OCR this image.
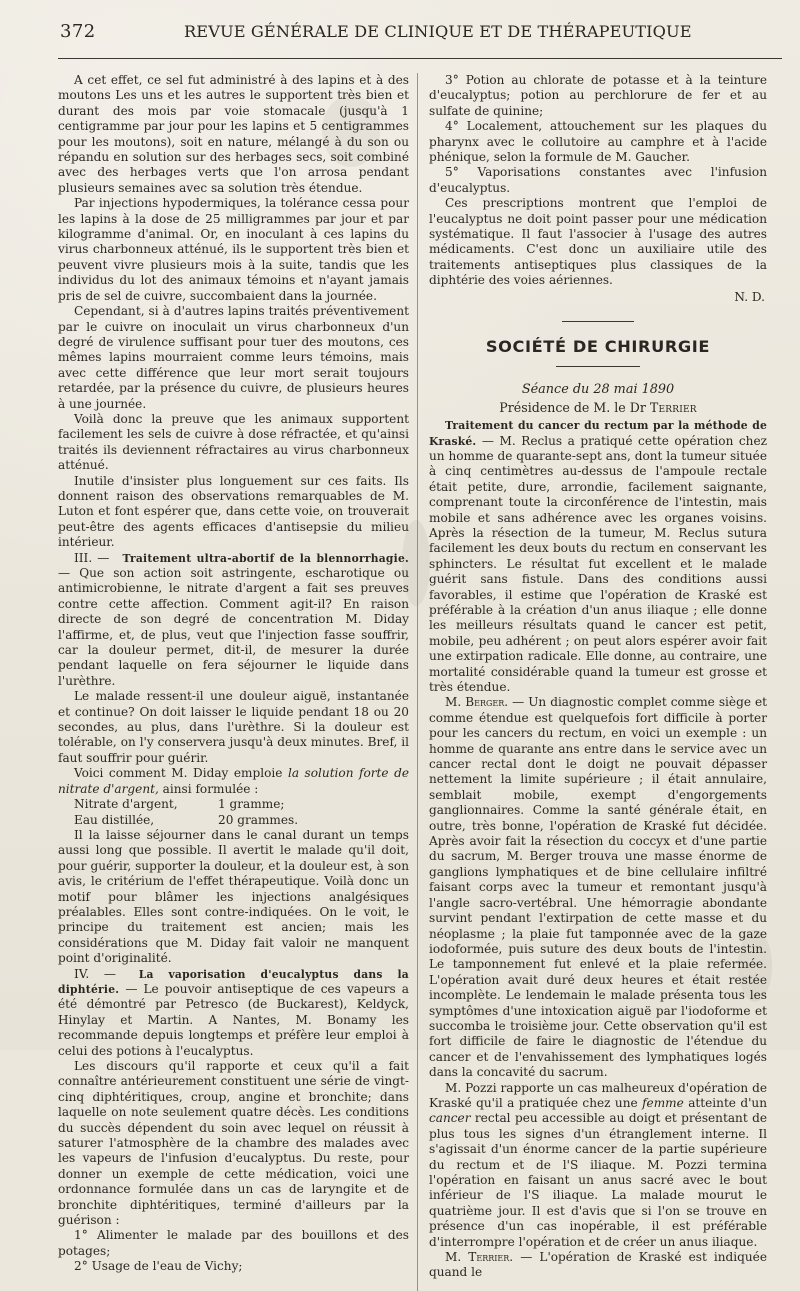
372	REVUE GÉNÉRALE DE CLINIQUE ET DE THÉRAPEUTIQUE

A cet effet, ce sel fut administré à des lapins et à des moutons Les uns et les autres le supportent très bien et durant des mois par voie stomacale (jusqu'à 1 centigramme par jour pour les lapins et 5 centigrammes pour les moutons), soit en nature, mélangé à du son ou répandu en solution sur des herbages secs, soit combiné avec des herbages verts que l'on arrosa pendant plusieurs semaines avec sa solution très étendue.

Par injections hypodermiques, la tolérance cessa pour les lapins à la dose de 25 milligrammes par jour et par kilogramme d'animal. Or, en inoculant à ces lapins du virus charbonneux atténué, ils le supportent très bien et peuvent vivre plusieurs mois à la suite, tandis que les individus du lot des animaux témoins et n'ayant jamais pris de sel de cuivre, succombaient dans la journée.

Cependant, si à d'autres lapins traités préventivement par le cuivre on inoculait un virus charbonneux d'un degré de virulence suffisant pour tuer des moutons, ces mêmes lapins mourraient comme leurs témoins, mais avec cette différence que leur mort serait toujours retardée, par la présence du cuivre, de plusieurs heures à une journée.

Voilà donc la preuve que les animaux supportent facilement les sels de cuivre à dose réfractée, et qu'ainsi traités ils deviennent réfractaires au virus charbonneux atténué.

Inutile d'insister plus longuement sur ces faits. Ils donnent raison des observations remarquables de M. Luton et font espérer que, dans cette voie, on trouverait peut-être des agents efficaces d'antisepsie du milieu intérieur.

III. — Traitement ultra-abortif de la blennorrhagie. — Que son action soit astringente, escharotique ou antimicrobienne, le nitrate d'argent a fait ses preuves contre cette affection. Comment agit-il? En raison directe de son degré de concentration M. Diday l'affirme, et, de plus, veut que l'injection fasse souffrir, car la douleur permet, dit-il, de mesurer la durée pendant laquelle on fera séjourner le liquide dans l'urèthre.

Le malade ressent-il une douleur aiguë, instantanée et continue? On doit laisser le liquide pendant 18 ou 20 secondes, au plus, dans l'urèthre. Si la douleur est tolérable, on l'y conservera jusqu'à deux minutes. Bref, il faut souffrir pour guérir.

Voici comment M. Diday emploie la solution forte de nitrate d'argent, ainsi formulée :

Nitrate d'argent,	1 gramme;
Eau distillée,	20 grammes.

Il la laisse séjourner dans le canal durant un temps aussi long que possible. Il avertit le malade qu'il doit, pour guérir, supporter la douleur, et la douleur est, à son avis, le critérium de l'effet thérapeutique. Voilà donc un motif pour blâmer les injections analgésiques préalables. Elles sont contre-indiquées. On le voit, le principe du traitement est ancien; mais les considérations que M. Diday fait valoir ne manquent point d'originalité.

IV. — La vaporisation d'eucalyptus dans la diphtérie. — Le pouvoir antiseptique de ces vapeurs a été démontré par Petresco (de Buckarest), Keldyck, Hinylay et Martin. A Nantes, M. Bonamy les recommande depuis longtemps et préfère leur emploi à celui des potions à l'eucalyptus.

Les discours qu'il rapporte et ceux qu'il a fait connaître antérieurement constituent une série de vingt-cinq diphtéritiques, croup, angine et bronchite; dans laquelle on note seulement quatre décès. Les conditions du succès dépendent du soin avec lequel on réussit à saturer l'atmosphère de la chambre des malades avec les vapeurs de l'infusion d'eucalyptus. Du reste, pour donner un exemple de cette médication, voici une ordonnance formulée dans un cas de laryngite et de bronchite diphtéritiques, terminé d'ailleurs par la guérison :

1° Alimenter le malade par des bouillons et des potages;

2° Usage de l'eau de Vichy;

3° Potion au chlorate de potasse et à la teinture d'eucalyptus; potion au perchlorure de fer et au sulfate de quinine;

4° Localement, attouchement sur les plaques du pharynx avec le collutoire au camphre et à l'acide phénique, selon la formule de M. Gaucher.

5° Vaporisations constantes avec l'infusion d'eucalyptus.

Ces prescriptions montrent que l'emploi de l'eucalyptus ne doit point passer pour une médication systématique. Il faut l'associer à l'usage des autres médicaments. C'est donc un auxiliaire utile des traitements antiseptiques plus classiques de la diphtérie des voies aériennes.

N. D.
SOCIÉTÉ DE CHIRURGIE

Séance du 28 mai 1890

Présidence de M. le Dr Terrier

Traitement du cancer du rectum par la méthode de Kraské. — M. Reclus a pratiqué cette opération chez un homme de quarante-sept ans, dont la tumeur située à cinq centimètres au-dessus de l'ampoule rectale était petite, dure, arrondie, facilement saignante, comprenant toute la circonférence de l'intestin, mais mobile et sans adhérence avec les organes voisins. Après la résection de la tumeur, M. Reclus sutura facilement les deux bouts du rectum en conservant les sphincters. Le résultat fut excellent et le malade guérit sans fistule. Dans des conditions aussi favorables, il estime que l'opération de Kraské est préférable à la création d'un anus iliaque ; elle donne les meilleurs résultats quand le cancer est petit, mobile, peu adhérent ; on peut alors espérer avoir fait une extirpation radicale. Elle donne, au contraire, une mortalité considérable quand la tumeur est grosse et très étendue.

M. Berger. — Un diagnostic complet comme siège et comme étendue est quelquefois fort difficile à porter pour les cancers du rectum, en voici un exemple : un homme de quarante ans entre dans le service avec un cancer rectal dont le doigt ne pouvait dépasser nettement la limite supérieure ; il était annulaire, semblait mobile, exempt d'engorgements ganglionnaires. Comme la santé générale était, en outre, très bonne, l'opération de Kraské fut décidée. Après avoir fait la résection du coccyx et d'une partie du sacrum, M. Berger trouva une masse énorme de ganglions lymphatiques et de bine cellulaire infiltré faisant corps avec la tumeur et remontant jusqu'à l'angle sacro-vertébral. Une hémorragie abondante survint pendant l'extirpation de cette masse et du néoplasme ; la plaie fut tamponnée avec de la gaze iodoformée, puis suture des deux bouts de l'intestin. Le tamponnement fut enlevé et la plaie refermée. L'opération avait duré deux heures et était restée incomplète. Le lendemain le malade présenta tous les symptômes d'une intoxication aiguë par l'iodoforme et succomba le troisième jour. Cette observation qu'il est fort difficile de faire le diagnostic de l'étendue du cancer et de l'envahissement des lymphatiques logés dans la concavité du sacrum.

M. Pozzi rapporte un cas malheureux d'opération de Kraské qu'il a pratiquée chez une femme atteinte d'un cancer rectal peu accessible au doigt et présentant de plus tous les signes d'un étranglement interne. Il s'agissait d'un énorme cancer de la partie supérieure du rectum et de l'S iliaque. M. Pozzi termina l'opération en faisant un anus sacré avec le bout inférieur de l'S iliaque. La malade mourut le quatrième jour. Il est d'avis que si l'on se trouve en présence d'un cas inopérable, il est préférable d'interrompre l'opération et de créer un anus iliaque.

M. Terrier. — L'opération de Kraské est indiquée quand le
